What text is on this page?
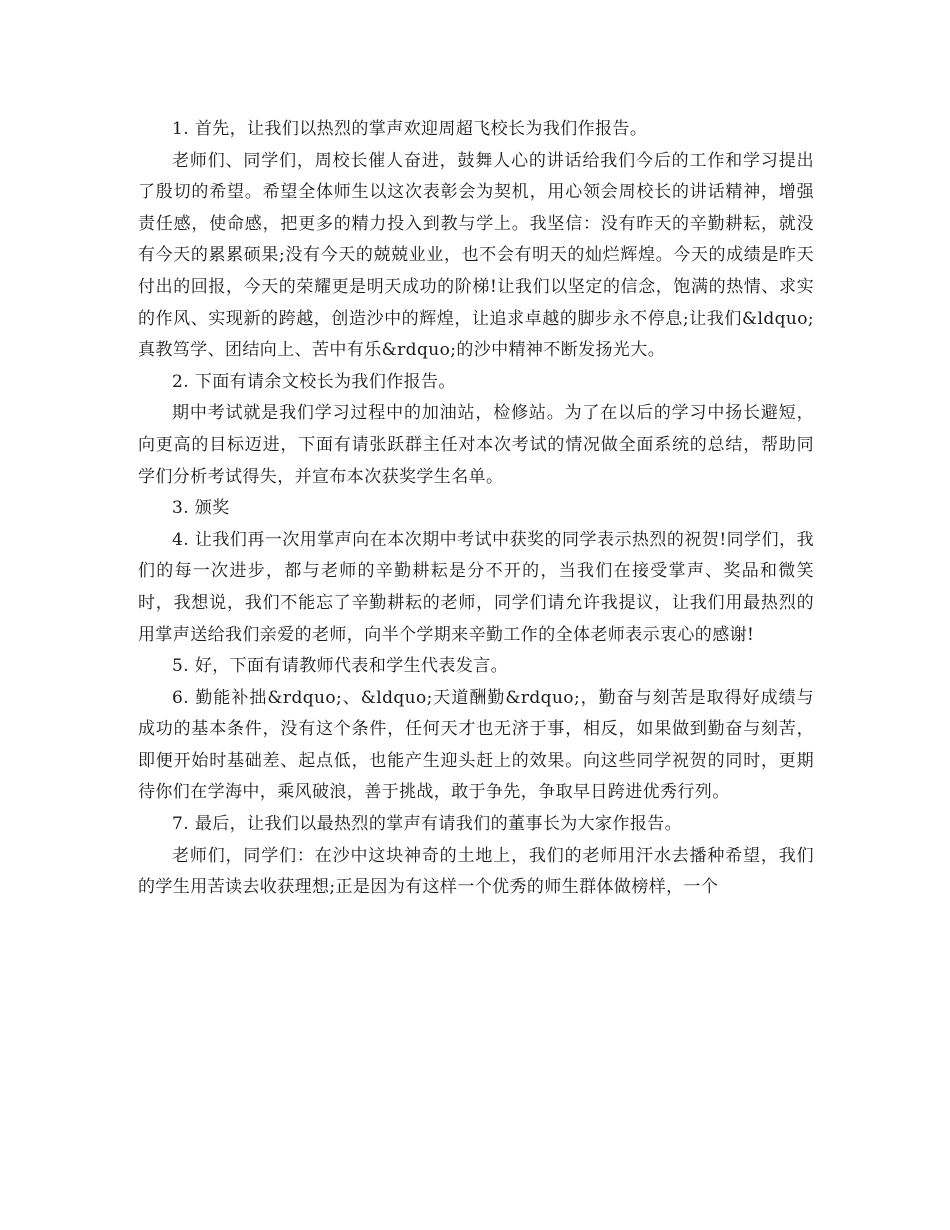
1. 首先，让我们以热烈的掌声欢迎周超飞校长为我们作报告。

老师们、同学们，周校长催人奋进，鼓舞人心的讲话给我们今后的工作和学习提出了殷切的希望。希望全体师生以这次表彰会为契机，用心领会周校长的讲话精神，增强责任感，使命感，把更多的精力投入到教与学上。我坚信：没有昨天的辛勤耕耘，就没有今天的累累硕果;没有今天的兢兢业业，也不会有明天的灿烂辉煌。今天的成绩是昨天付出的回报，今天的荣耀更是明天成功的阶梯!让我们以坚定的信念，饱满的热情、求实的作风、实现新的跨越，创造沙中的辉煌，让追求卓越的脚步永不停息;让我们&ldquo;真教笃学、团结向上、苦中有乐&rdquo;的沙中精神不断发扬光大。

2. 下面有请余文校长为我们作报告。

期中考试就是我们学习过程中的加油站，检修站。为了在以后的学习中扬长避短，向更高的目标迈进，下面有请张跃群主任对本次考试的情况做全面系统的总结，帮助同学们分析考试得失，并宣布本次获奖学生名单。

3. 颁奖

4. 让我们再一次用掌声向在本次期中考试中获奖的同学表示热烈的祝贺!同学们，我们的每一次进步，都与老师的辛勤耕耘是分不开的，当我们在接受掌声、奖品和微笑时，我想说，我们不能忘了辛勤耕耘的老师，同学们请允许我提议，让我们用最热烈的用掌声送给我们亲爱的老师，向半个学期来辛勤工作的全体老师表示衷心的感谢!

5. 好，下面有请教师代表和学生代表发言。

6. 勤能补拙&rdquo;、&ldquo;天道酬勤&rdquo;，勤奋与刻苦是取得好成绩与成功的基本条件，没有这个条件，任何天才也无济于事，相反，如果做到勤奋与刻苦，即便开始时基础差、起点低，也能产生迎头赶上的效果。向这些同学祝贺的同时，更期待你们在学海中，乘风破浪，善于挑战，敢于争先，争取早日跨进优秀行列。

7. 最后，让我们以最热烈的掌声有请我们的董事长为大家作报告。

老师们，同学们：在沙中这块神奇的土地上，我们的老师用汗水去播种希望，我们的学生用苦读去收获理想;正是因为有这样一个优秀的师生群体做榜样，一个
